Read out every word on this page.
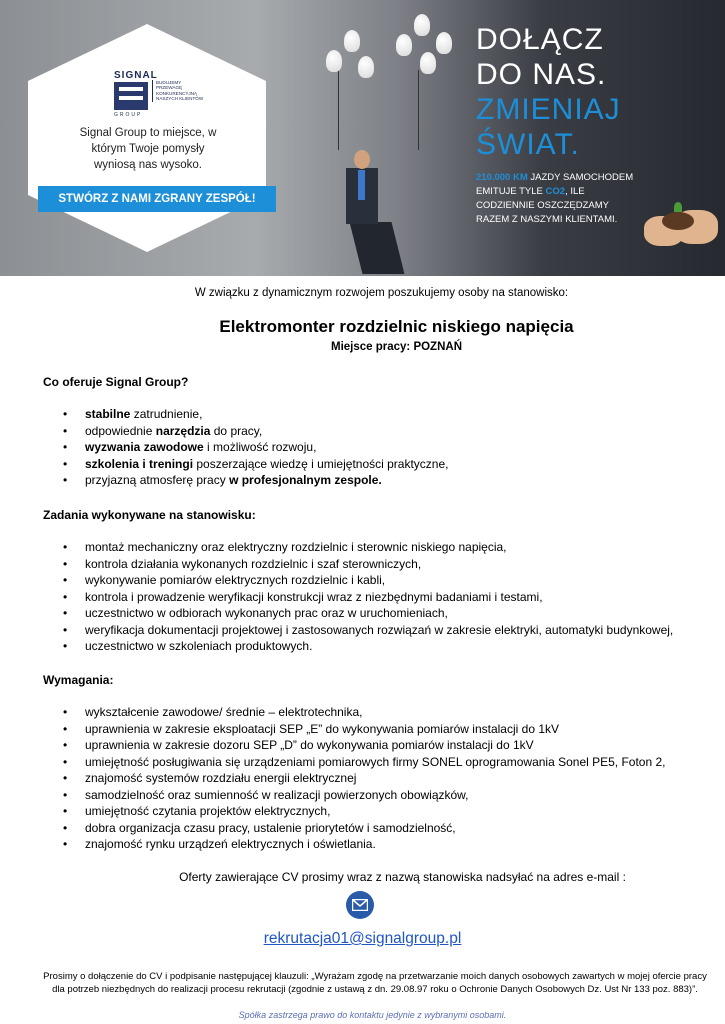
SIGNAL
GROUP
BUDUJEMY PRZEWAGĘ KONKURENCYJNĄ NASZYCH KLIENTÓW
Signal Group to miejsce, w którym Twoje pomysły wyniosą nas wysoko.
STWÓRZ Z NAMI ZGRANY ZESPÓŁ!
DOŁĄCZ
DO NAS.
ZMIENIAJ
ŚWIAT.
210.000 KM JAZDY SAMOCHODEM EMITUJE TYLE CO2, ILE CODZIENNIE OSZCZĘDZAMY RAZEM Z NASZYMI KLIENTAMI.
W związku z dynamicznym rozwojem poszukujemy osoby na stanowisko:
Elektromonter rozdzielnic niskiego napięcia
Miejsce pracy: POZNAŃ
Co oferuje Signal Group?
• stabilne zatrudnienie,
• odpowiednie narzędzia do pracy,
• wyzwania zawodowe i możliwość rozwoju,
• szkolenia i treningi poszerzające wiedzę i umiejętności praktyczne,
• przyjazną atmosferę pracy w profesjonalnym zespole.
Zadania wykonywane na stanowisku:
• montaż mechaniczny oraz elektryczny rozdzielnic i sterownic niskiego napięcia,
• kontrola działania wykonanych rozdzielnic i szaf sterowniczych,
• wykonywanie pomiarów elektrycznych rozdzielnic i kabli,
• kontrola i prowadzenie weryfikacji konstrukcji wraz z niezbędnymi badaniami i testami,
• uczestnictwo w odbiorach wykonanych prac oraz w uruchomieniach,
• weryfikacja dokumentacji projektowej i zastosowanych rozwiązań w zakresie elektryki, automatyki budynkowej,
• uczestnictwo w szkoleniach produktowych.
Wymagania:
• wykształcenie zawodowe/ średnie – elektrotechnika,
• uprawnienia w zakresie eksploatacji SEP „E” do wykonywania pomiarów instalacji do 1kV
• uprawnienia w zakresie dozoru SEP „D” do wykonywania pomiarów instalacji do 1kV
• umiejętność posługiwania się urządzeniami pomiarowych firmy SONEL oprogramowania Sonel PE5, Foton 2,
• znajomość systemów rozdziału energii elektrycznej
• samodzielność oraz sumienność w realizacji powierzonych obowiązków,
• umiejętność czytania projektów elektrycznych,
• dobra organizacja czasu pracy, ustalenie priorytetów i samodzielność,
• znajomość rynku urządzeń elektrycznych i oświetlania.
Oferty zawierające CV prosimy wraz z nazwą stanowiska nadsyłać na adres e-mail :
rekrutacja01@signalgroup.pl
Prosimy o dołączenie do CV i podpisanie następującej klauzuli: „Wyrażam zgodę na przetwarzanie moich danych osobowych zawartych w mojej ofercie pracy dla potrzeb niezbędnych do realizacji procesu rekrutacji (zgodnie z ustawą z dn. 29.08.97 roku o Ochronie Danych Osobowych Dz. Ust Nr 133 poz. 883)”.
Spółka zastrzega prawo do kontaktu jedynie z wybranymi osobami.
